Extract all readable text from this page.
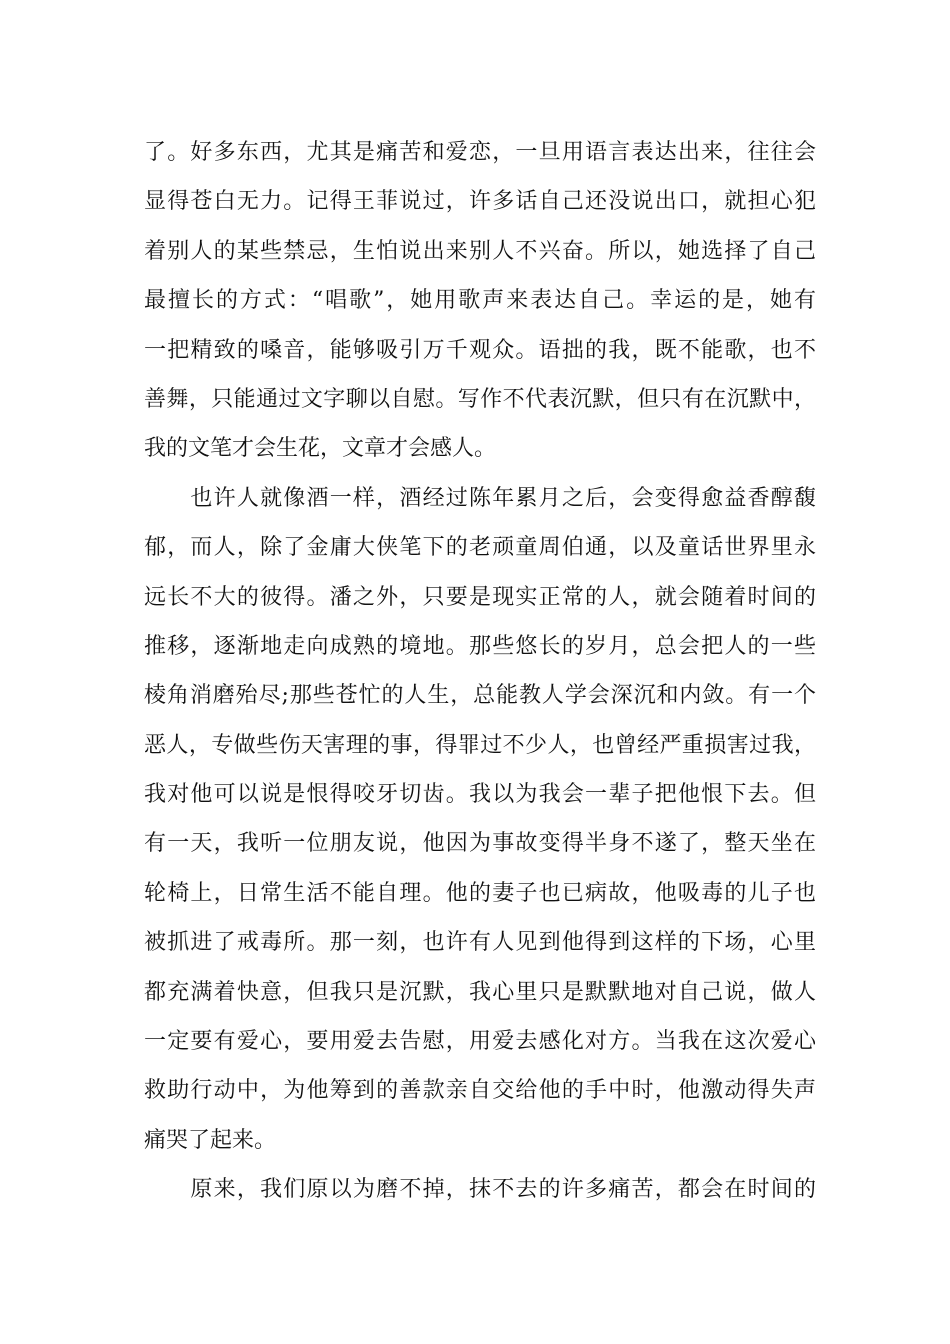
了。好多东西，尤其是痛苦和爱恋，一旦用语言表达出来，往往会
显得苍白无力。记得王菲说过，许多话自己还没说出口，就担心犯
着别人的某些禁忌，生怕说出来别人不兴奋。所以，她选择了自己
最擅长的方式：“唱歌”，她用歌声来表达自己。幸运的是，她有
一把精致的嗓音，能够吸引万千观众。语拙的我，既不能歌，也不
善舞，只能通过文字聊以自慰。写作不代表沉默，但只有在沉默中，
我的文笔才会生花，文章才会感人。
　　也许人就像酒一样，酒经过陈年累月之后，会变得愈益香醇馥
郁，而人，除了金庸大侠笔下的老顽童周伯通，以及童话世界里永
远长不大的彼得。潘之外，只要是现实正常的人，就会随着时间的
推移，逐渐地走向成熟的境地。那些悠长的岁月，总会把人的一些
棱角消磨殆尽;那些苍忙的人生，总能教人学会深沉和内敛。有一个
恶人，专做些伤天害理的事，得罪过不少人，也曾经严重损害过我，
我对他可以说是恨得咬牙切齿。我以为我会一辈子把他恨下去。但
有一天，我听一位朋友说，他因为事故变得半身不遂了，整天坐在
轮椅上，日常生活不能自理。他的妻子也已病故，他吸毒的儿子也
被抓进了戒毒所。那一刻，也许有人见到他得到这样的下场，心里
都充满着快意，但我只是沉默，我心里只是默默地对自己说，做人
一定要有爱心，要用爱去告慰，用爱去感化对方。当我在这次爱心
救助行动中，为他筹到的善款亲自交给他的手中时，他激动得失声
痛哭了起来。
　　原来，我们原以为磨不掉，抹不去的许多痛苦，都会在时间的
